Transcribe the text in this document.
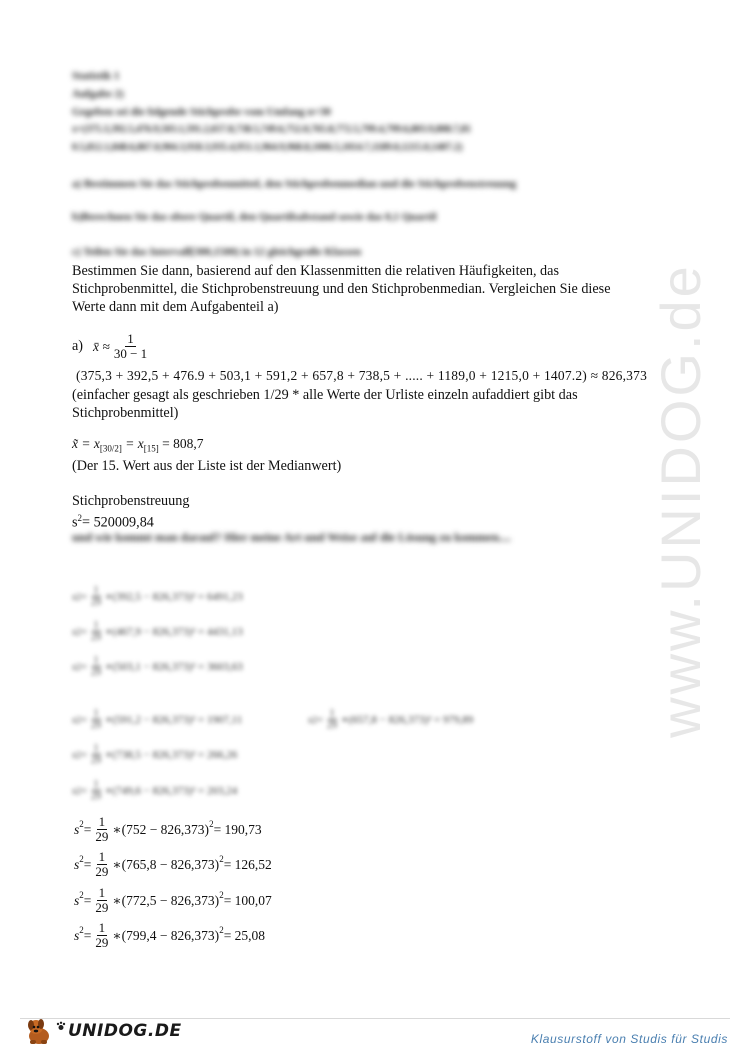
www.UNIDOG.de
Statistik 1
Aufgabe 2)
Gegeben sei die folgende Stichprobe vom Umfang n=30
x=(375.3,392.5,476.9,503.1,591.2,657.8,738.5,749.6,752.0,765.8,772.5,799.4,799.6,803.9,808.7,81
0.5,812.1,848.6,867.0,904.3,918.3,935.4,951.1,964.9,968.8,1006.5,1014.7,1189.0,1215.0,1407.2)
a) Bestimmen Sie das Stichprobenmittel, den Stichprobenmedian und die Stichprobenstreuung
b)Berechnen Sie das obere Quartil, den Quartilsabstand sowie das 0,1 Quartil
c) Teilen Sie das Intervall[300,1500) in 12 gleichgroße Klassen
Bestimmen Sie dann, basierend auf den Klassenmitten die relativen Häufigkeiten, das
Stichprobenmittel, die Stichprobenstreuung und den Stichprobenmedian. Vergleichen Sie diese
Werte dann mit dem Aufgabenteil a)
a) x̄ ≈ $\frac{1}{30 - 1}$
(375,3 + 392,5 + 476.9 + 503,1 + 591,2 + 657,8 + 738,5 + ..... + 1189,0 + 1215,0 + 1407.2) ≈ 826,373
(einfacher gesagt als geschrieben 1/29 * alle Werte der Urliste einzeln aufaddiert gibt das
Stichprobenmittel)
x̃ = $x_{[30/2]} = x_{[15]} = 808,7$
(Der 15. Wert aus der Liste ist der Medianwert)
Stichprobenstreuung
$s^2= 520009,84$
und wie kommt man darauf? Hier meine Art und Weise auf die Lösung zu kommen....
s $2 = \frac{1}{29}$ ∗ (392,5 − 826,373)² = 6491,23
s $2 = \frac{1}{29}$ ∗ (467,9 − 826,373)² = 4431,13
s $2 = \frac{1}{29}$ ∗ (503,1 − 826,373)² = 3603,63
s $2 = \frac{1}{29}$ ∗ (591,2 − 826,373)² = 1907,11	s $2 = \frac{1}{29}$ ∗ (657,8 − 826,373)² = 979,89
s $2 = \frac{1}{29}$ ∗ (738,5 − 826,373)² = 266,26
s $2 = \frac{1}{29}$ ∗ (749,6 − 826,373)² = 203,24
$s^2 = \frac{1}{29}$ ∗ $(752 - 826,373)^2 = 190,73$
$s^2 = \frac{1}{29}$ ∗ $(765,8 - 826,373)^2 = 126,52$
$s^2 = \frac{1}{29}$ ∗ $(772,5 - 826,373)^2 = 100,07$
$s^2 = \frac{1}{29}$ ∗ $(799,4 - 826,373)^2 = 25,08$
UNIDOG.DE	Klausurstoff von Studis für Studis
